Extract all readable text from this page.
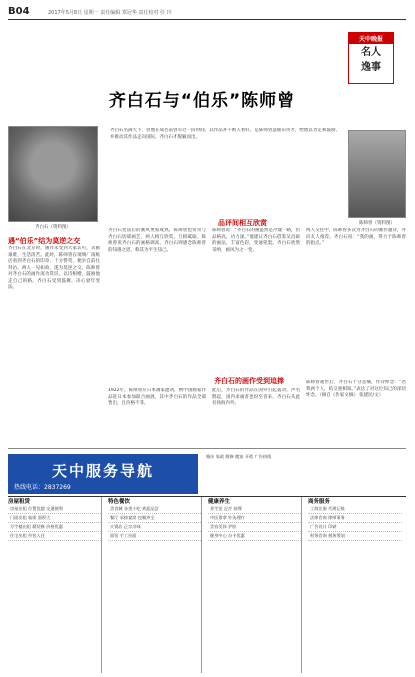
B04	2017年5月8日 星期一 责任编辑 郑冠华 责任校对 任 玲
天中晚报
名人
逸事
齐白石与“伯乐”陈师曾
齐白石（资料图）
齐白石名满天下，但他在成名前曾有过一段时间，其作品并不被人看好。是陈师曾慧眼识英才，给他以肯定和鼓励，并推动其作品走向国际，齐白石才脱颖而出。
陈师曾（资料图）
遇“伯乐”结为莫逆之交
齐白石在北京时，画作未受到大家认可，卖画艰难，生活清苦。此时，陈师曾在琉璃厂南纸店看到齐白石的印章，十分赞赏，便亲自前往拜访。两人一见如故，遂为莫逆之交。陈师曾对齐白石的画作深为赏识，以诗相赠，鼓励他走自己的路。齐白石受到鼓舞，决心衰年变法。
品评间相互欣赏
齐白石变法后的画风更加成熟。陈师曾也常常与齐白石切磋画艺，两人相互欣赏，互相砥砺。陈师曾说齐白石的画格调高，齐白石则感念陈师曾的知遇之恩，称其为平生知己。
陈师曾说：“齐白石的画虽然是冷逸一路，但品格高，功力深。”他建议齐白石借鉴吴昌硕的画法，丰富色彩，变通笔墨。齐白石欣然采纳，画风为之一变。
两人交往中，陈师曾多次为齐白石的画作题诗，并向友人推荐。齐白石说：“我的画，得力于陈师曾的指点。”
齐白石的画作受到追捧
1922年，陈师曾应日本画家邀请，携中国画家作品赴日本参加联合画展，其中齐白石的作品全部售出，且价格不菲。
此后，齐白石的作品在国外引起轰动，声名鹊起，国内求画者也纷至沓来，齐白石从此名扬海内外。
陈师曾逝世后，齐白石十分悲痛，作诗悼念：“君我两个人，结交重相知。”表达了对这位知己的深切怀念。（摘自《作家文摘》 张建民/文）
天中服务导航
热线电话：2837269
婚庆 家政 维修 搬家 开锁 广告热线
房屋租赁
房屋出租 位置优越 交通便利
门面出租 临街 面积大
写字楼出租 精装修 价格优惠
住宅出租 拎包入住
特色餐饮
美食城 各类小吃 欢迎品尝
餐厅 承接宴席 包厢齐全
火锅店 正宗川味
面馆 手工拉面
健康养生
养生馆 足疗 按摩
中医推拿 针灸理疗
美容美体 护肤
健身中心 办卡优惠
商务服务
工商注册 代理记账
法律咨询 律师事务
广告设计 印刷
财务咨询 税务筹划
